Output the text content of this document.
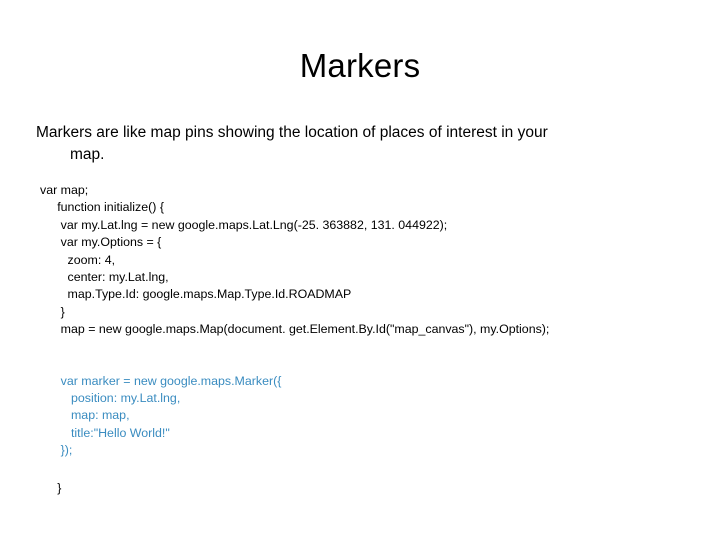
Markers
Markers are like map pins showing the location of places of interest in your
map.
var map;
function initialize() {
var my.Lat.lng = new google.maps.Lat.Lng(-25. 363882, 131. 044922);
var my.Options = {
zoom: 4,
center: my.Lat.lng,
map.Type.Id: google.maps.Map.Type.Id.ROADMAP
}
map = new google.maps.Map(document. get.Element.By.Id("map_canvas"), my.Options);
var marker = new google.maps.Marker({
position: my.Lat.lng,
map: map,
title:"Hello World!"
});
}
